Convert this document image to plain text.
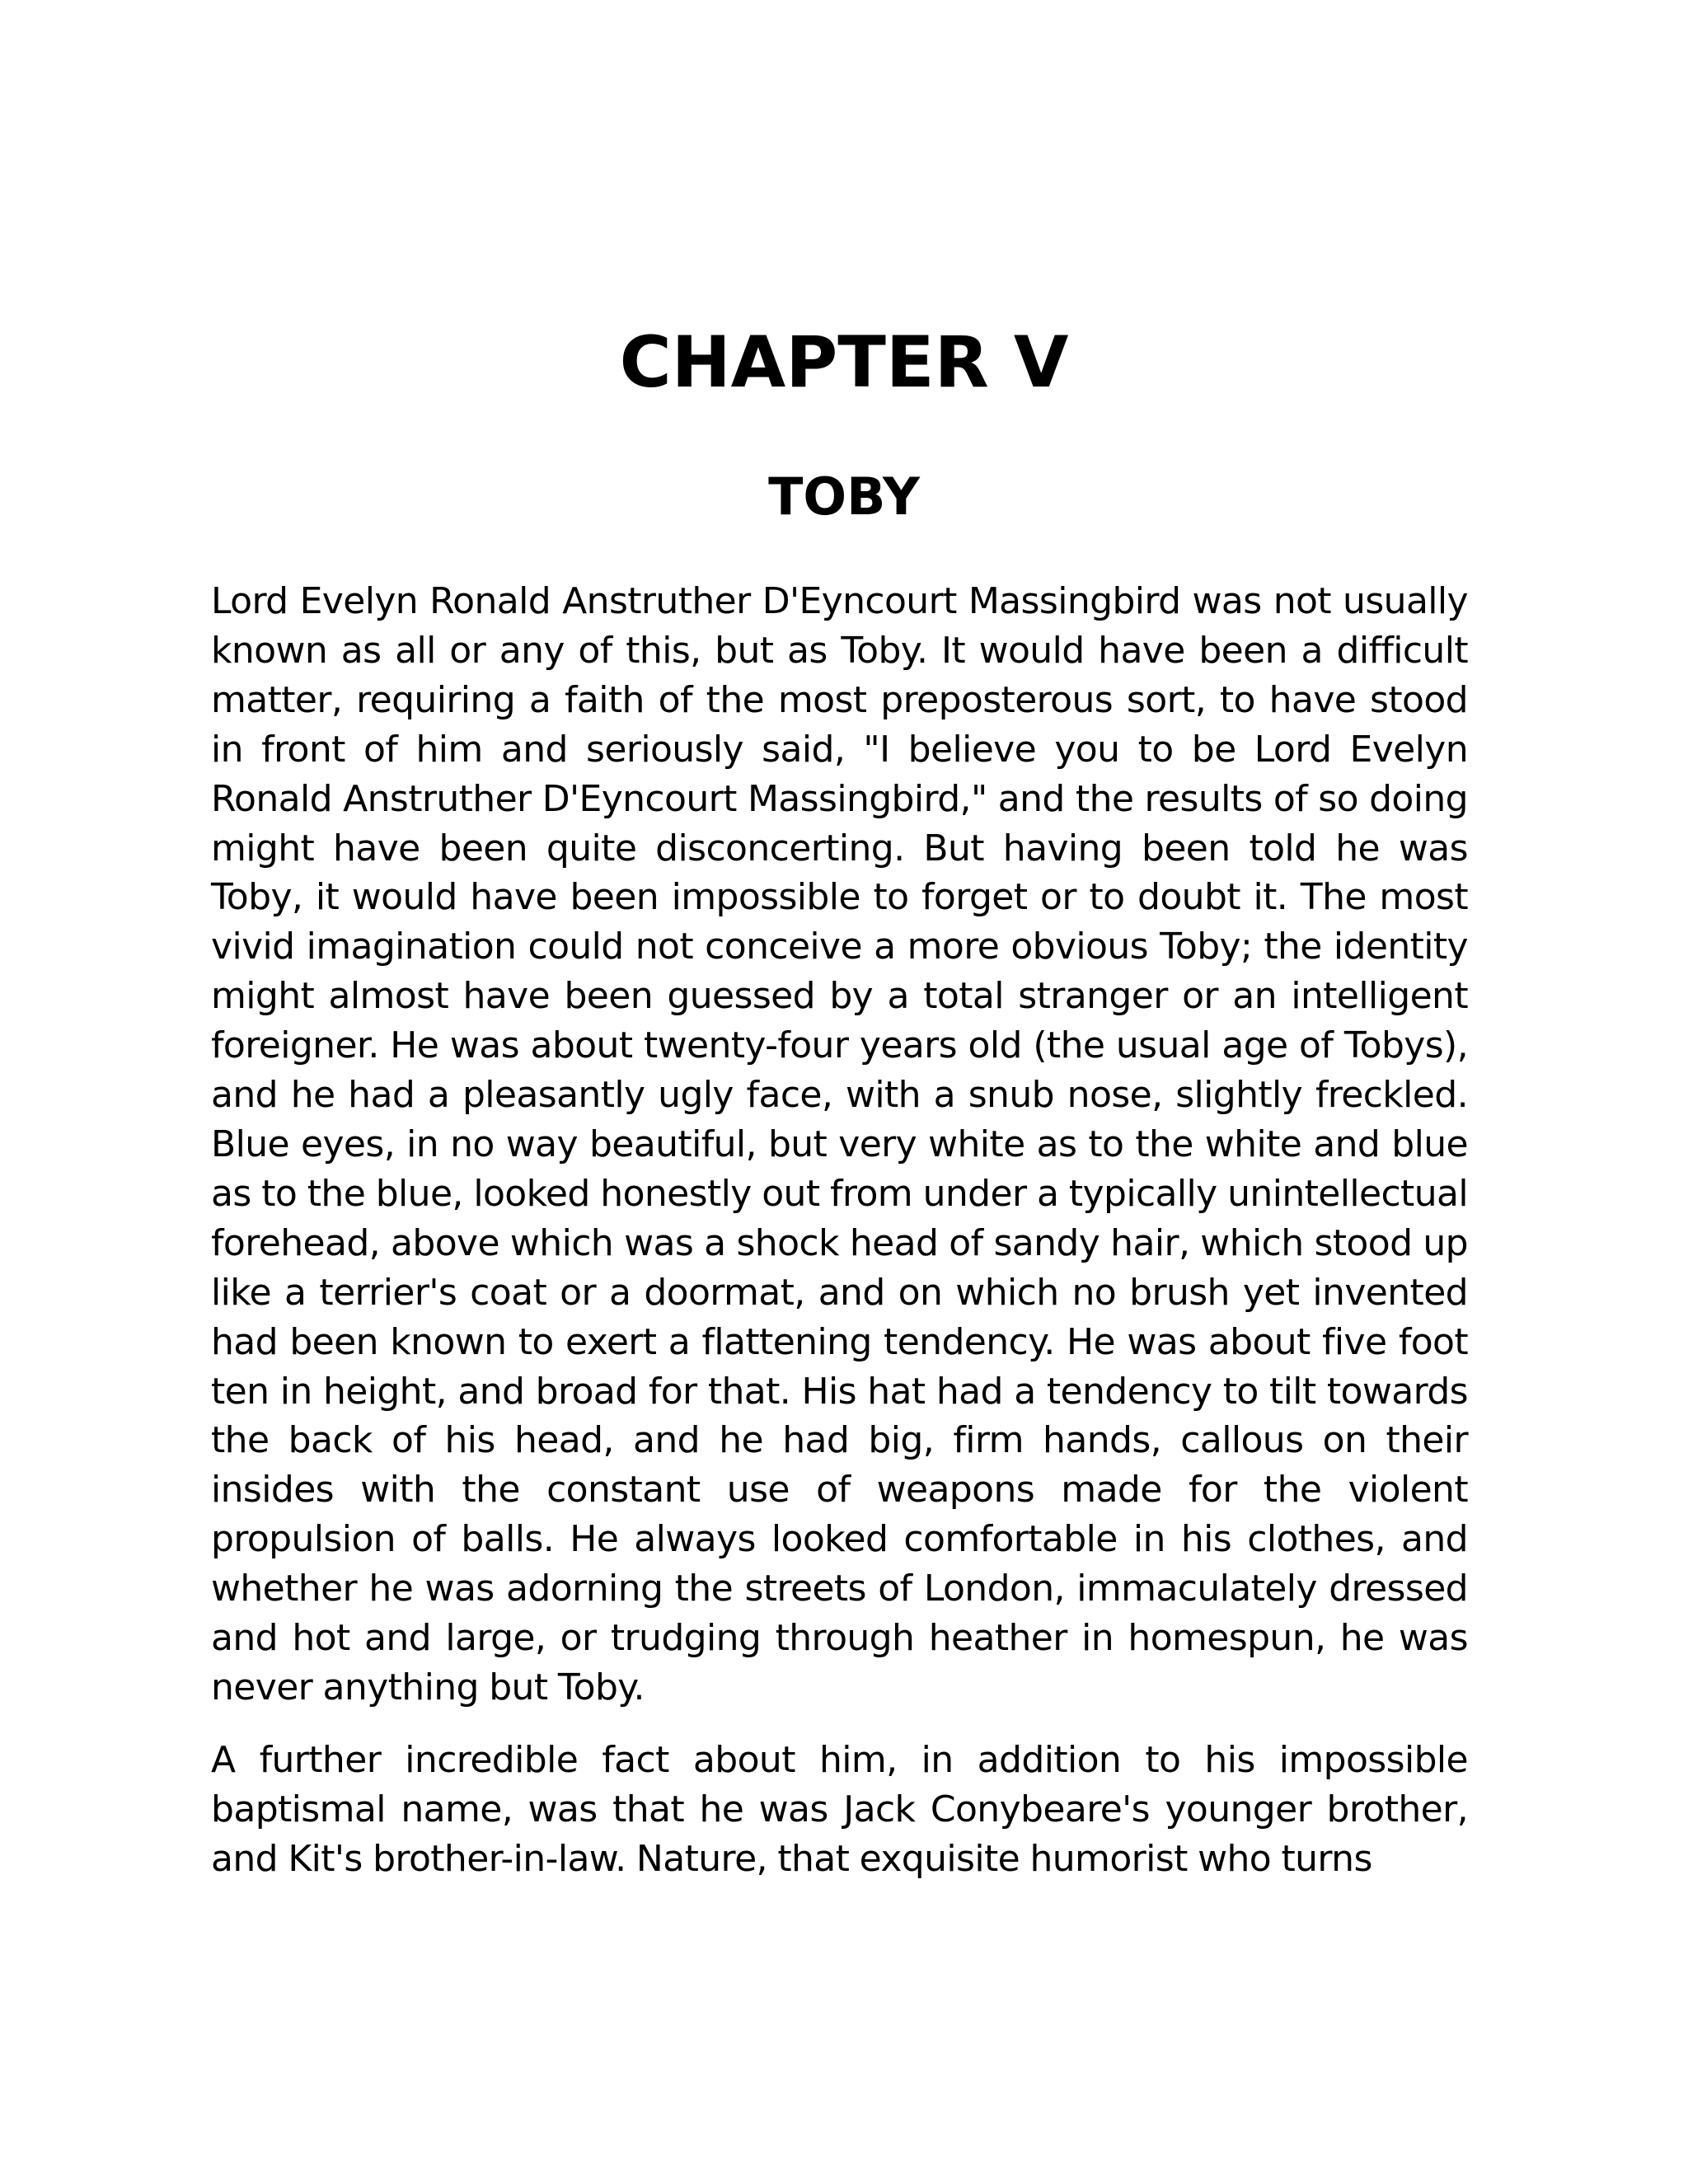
CHAPTER V
TOBY

Lord Evelyn Ronald Anstruther D'Eyncourt Massingbird was not usually known as all or any of this, but as Toby. It would have been a difficult matter, requiring a faith of the most preposterous sort, to have stood in front of him and seriously said, "I believe you to be Lord Evelyn Ronald Anstruther D'Eyncourt Massingbird," and the results of so doing might have been quite disconcerting. But having been told he was Toby, it would have been impossible to forget or to doubt it. The most vivid imagination could not conceive a more obvious Toby; the identity might almost have been guessed by a total stranger or an intelligent foreigner. He was about twenty-four years old (the usual age of Tobys), and he had a pleasantly ugly face, with a snub nose, slightly freckled. Blue eyes, in no way beautiful, but very white as to the white and blue as to the blue, looked honestly out from under a typically unintellectual forehead, above which was a shock head of sandy hair, which stood up like a terrier's coat or a doormat, and on which no brush yet invented had been known to exert a flattening tendency. He was about five foot ten in height, and broad for that. His hat had a tendency to tilt towards the back of his head, and he had big, firm hands, callous on their insides with the constant use of weapons made for the violent propulsion of balls. He always looked comfortable in his clothes, and whether he was adorning the streets of London, immaculately dressed and hot and large, or trudging through heather in homespun, he was never anything but Toby.

A further incredible fact about him, in addition to his impossible baptismal name, was that he was Jack Conybeare's younger brother, and Kit's brother-in-law. Nature, that exquisite humorist who turns
